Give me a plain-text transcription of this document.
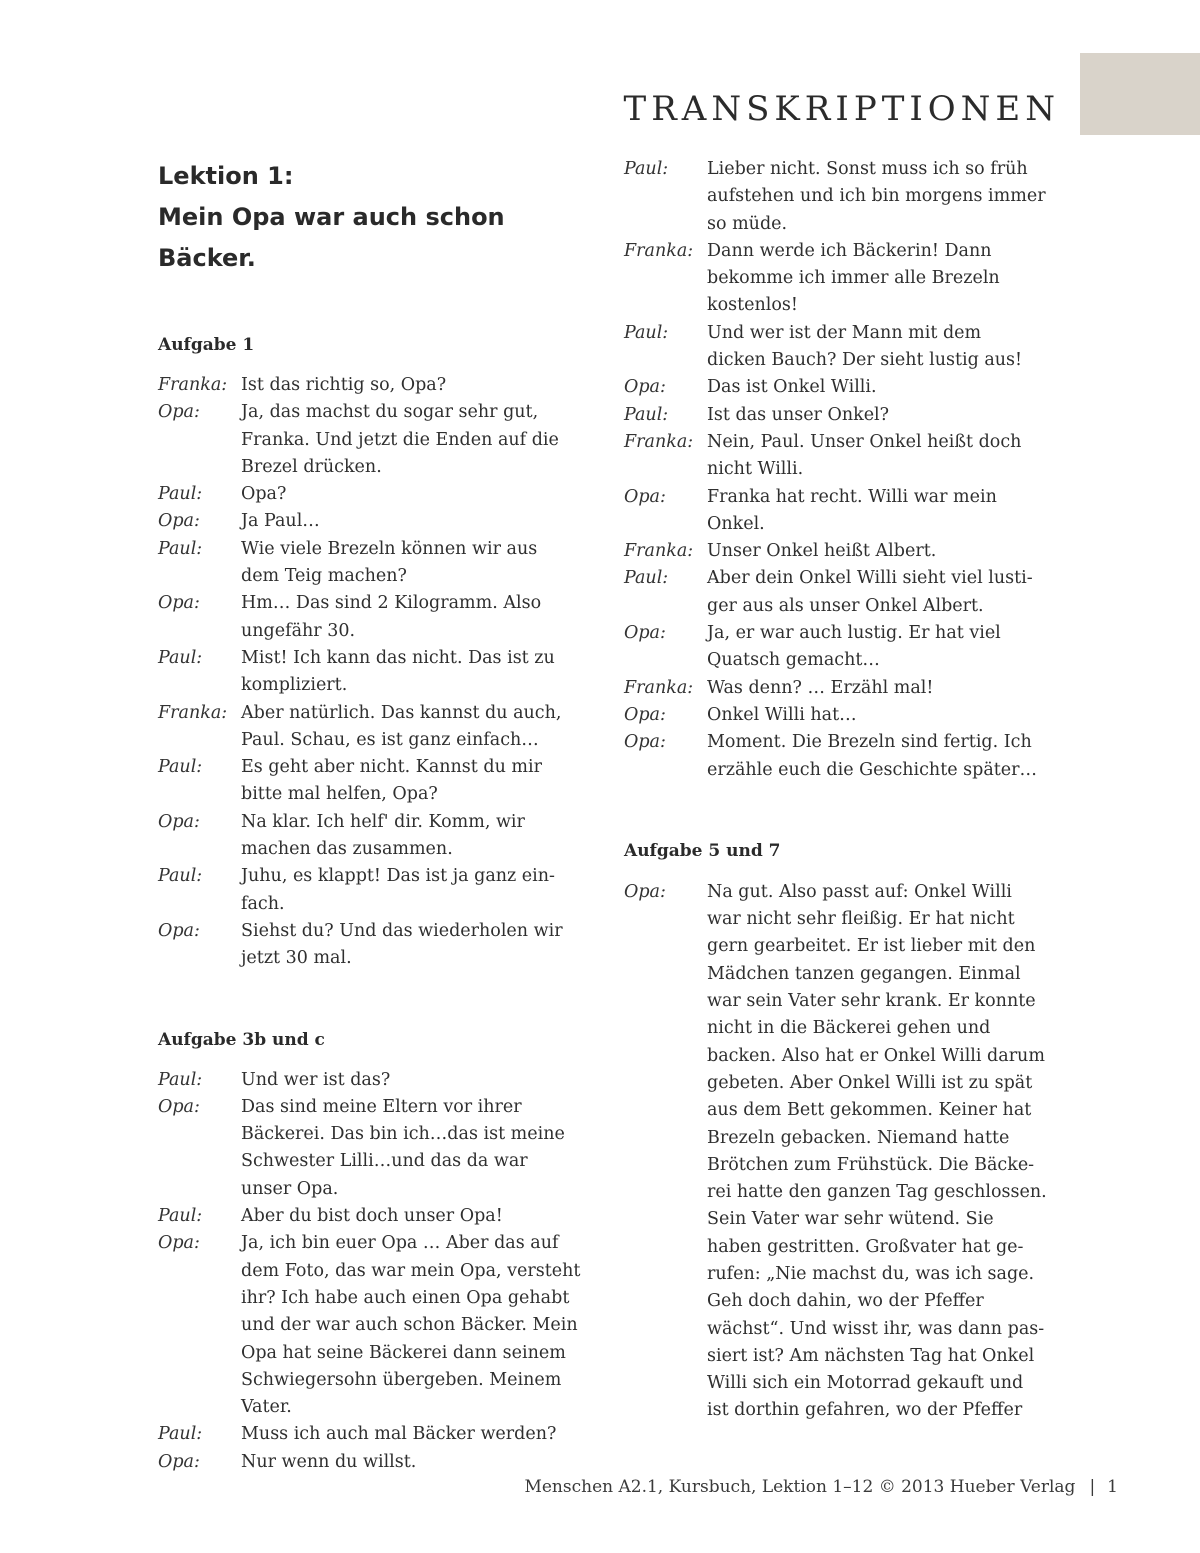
TRANSKRIPTIONEN
Lektion 1:
Mein Opa war auch schon Bäcker.
Aufgabe 1
Franka: Ist das richtig so, Opa?
Opa:	Ja, das machst du sogar sehr gut,
Franka. Und jetzt die Enden auf die
Brezel drücken.
Paul:	Opa?
Opa:	Ja Paul…
Paul:	Wie viele Brezeln können wir aus
dem Teig machen?
Opa:	Hm… Das sind 2 Kilogramm. Also
ungefähr 30.
Paul:	Mist! Ich kann das nicht. Das ist zu
kompliziert.
Franka: Aber natürlich. Das kannst du auch,
Paul. Schau, es ist ganz einfach…
Paul:	Es geht aber nicht. Kannst du mir
bitte mal helfen, Opa?
Opa:	Na klar. Ich helf' dir. Komm, wir
machen das zusammen.
Paul:	Juhu, es klappt! Das ist ja ganz ein-
fach.
Opa:	Siehst du? Und das wiederholen wir
jetzt 30 mal.
Aufgabe 3b und c
Paul:	Und wer ist das?
Opa:	Das sind meine Eltern vor ihrer
Bäckerei. Das bin ich…das ist meine
Schwester Lilli…und das da war
unser Opa.
Paul:	Aber du bist doch unser Opa!
Opa:	Ja, ich bin euer Opa … Aber das auf
dem Foto, das war mein Opa, versteht
ihr? Ich habe auch einen Opa gehabt
und der war auch schon Bäcker. Mein
Opa hat seine Bäckerei dann seinem
Schwiegersohn übergeben. Meinem
Vater.
Paul:	Muss ich auch mal Bäcker werden?
Opa:	Nur wenn du willst.
Paul:	Lieber nicht. Sonst muss ich so früh
aufstehen und ich bin morgens immer
so müde.
Franka: Dann werde ich Bäckerin! Dann
bekomme ich immer alle Brezeln
kostenlos!
Paul:	Und wer ist der Mann mit dem
dicken Bauch? Der sieht lustig aus!
Opa:	Das ist Onkel Willi.
Paul:	Ist das unser Onkel?
Franka: Nein, Paul. Unser Onkel heißt doch
nicht Willi.
Opa:	Franka hat recht. Willi war mein
Onkel.
Franka: Unser Onkel heißt Albert.
Paul:	Aber dein Onkel Willi sieht viel lusti-
ger aus als unser Onkel Albert.
Opa:	Ja, er war auch lustig. Er hat viel
Quatsch gemacht…
Franka: Was denn? … Erzähl mal!
Opa:	Onkel Willi hat…
Opa:	Moment. Die Brezeln sind fertig. Ich
erzähle euch die Geschichte später…
Aufgabe 5 und 7
Opa:	Na gut. Also passt auf: Onkel Willi
war nicht sehr fleißig. Er hat nicht
gern gearbeitet. Er ist lieber mit den
Mädchen tanzen gegangen. Einmal
war sein Vater sehr krank. Er konnte
nicht in die Bäckerei gehen und
backen. Also hat er Onkel Willi darum
gebeten. Aber Onkel Willi ist zu spät
aus dem Bett gekommen. Keiner hat
Brezeln gebacken. Niemand hatte
Brötchen zum Frühstück. Die Bäcke-
rei hatte den ganzen Tag geschlossen.
Sein Vater war sehr wütend. Sie
haben gestritten. Großvater hat ge-
rufen: „Nie machst du, was ich sage.
Geh doch dahin, wo der Pfeffer
wächst“. Und wisst ihr, was dann pas-
siert ist? Am nächsten Tag hat Onkel
Willi sich ein Motorrad gekauft und
ist dorthin gefahren, wo der Pfeffer
Menschen A2.1, Kursbuch, Lektion 1–12 © 2013 Hueber Verlag | 1
